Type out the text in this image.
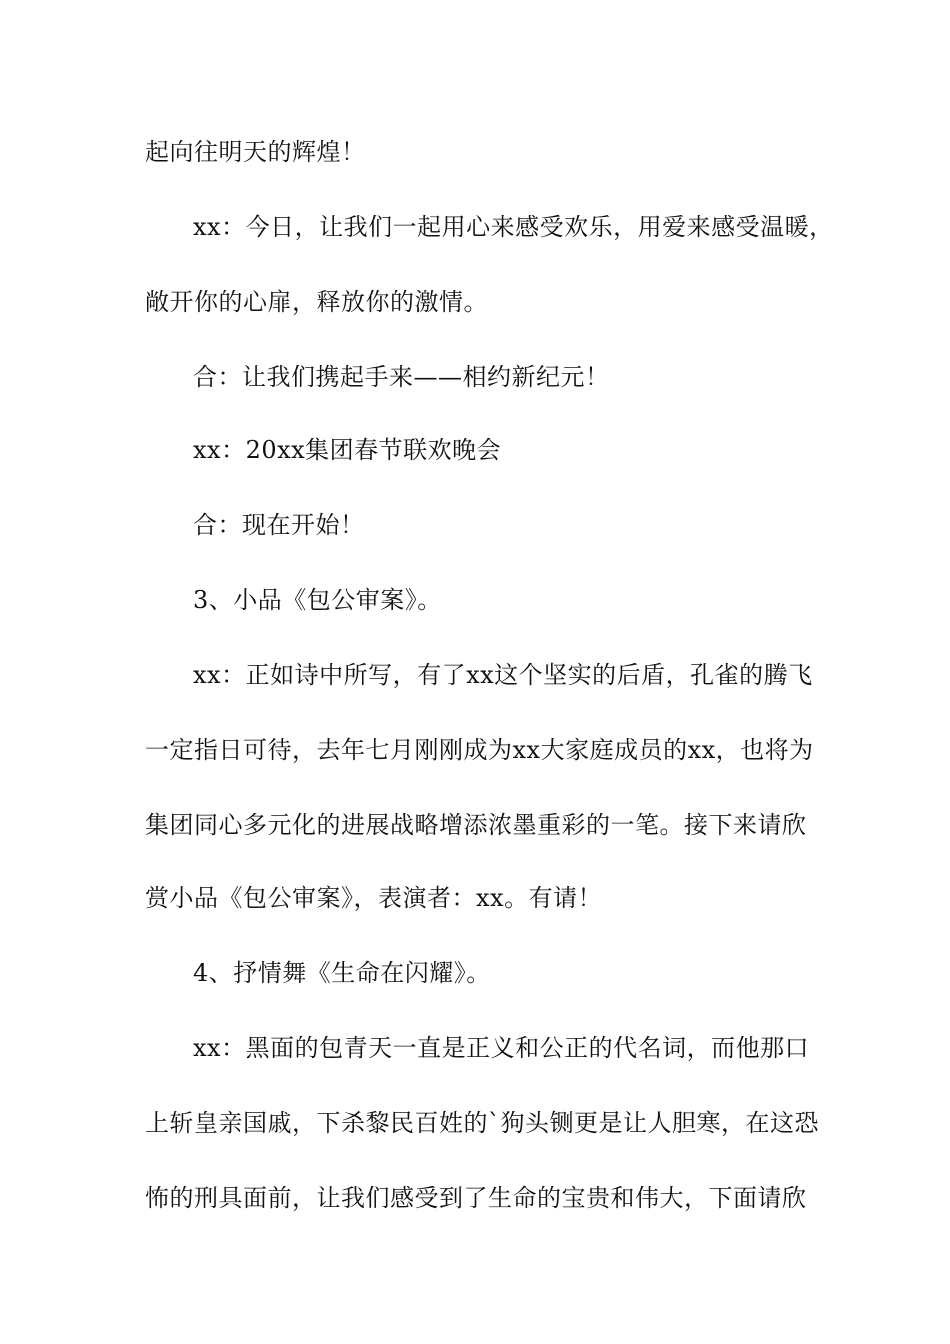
起向往明天的辉煌！
xx：今日，让我们一起用心来感受欢乐，用爱来感受温暖，
敞开你的心扉，释放你的激情。
合：让我们携起手来——相约新纪元！
xx：20xx集团春节联欢晚会
合：现在开始！
3、小品《包公审案》。
xx：正如诗中所写，有了xx这个坚实的后盾，孔雀的腾飞
一定指日可待，去年七月刚刚成为xx大家庭成员的xx，也将为
集团同心多元化的进展战略增添浓墨重彩的一笔。接下来请欣
赏小品《包公审案》，表演者：xx。有请！
4、抒情舞《生命在闪耀》。
xx：黑面的包青天一直是正义和公正的代名词，而他那口
上斩皇亲国戚，下杀黎民百姓的`狗头铡更是让人胆寒，在这恐
怖的刑具面前，让我们感受到了生命的宝贵和伟大，下面请欣
